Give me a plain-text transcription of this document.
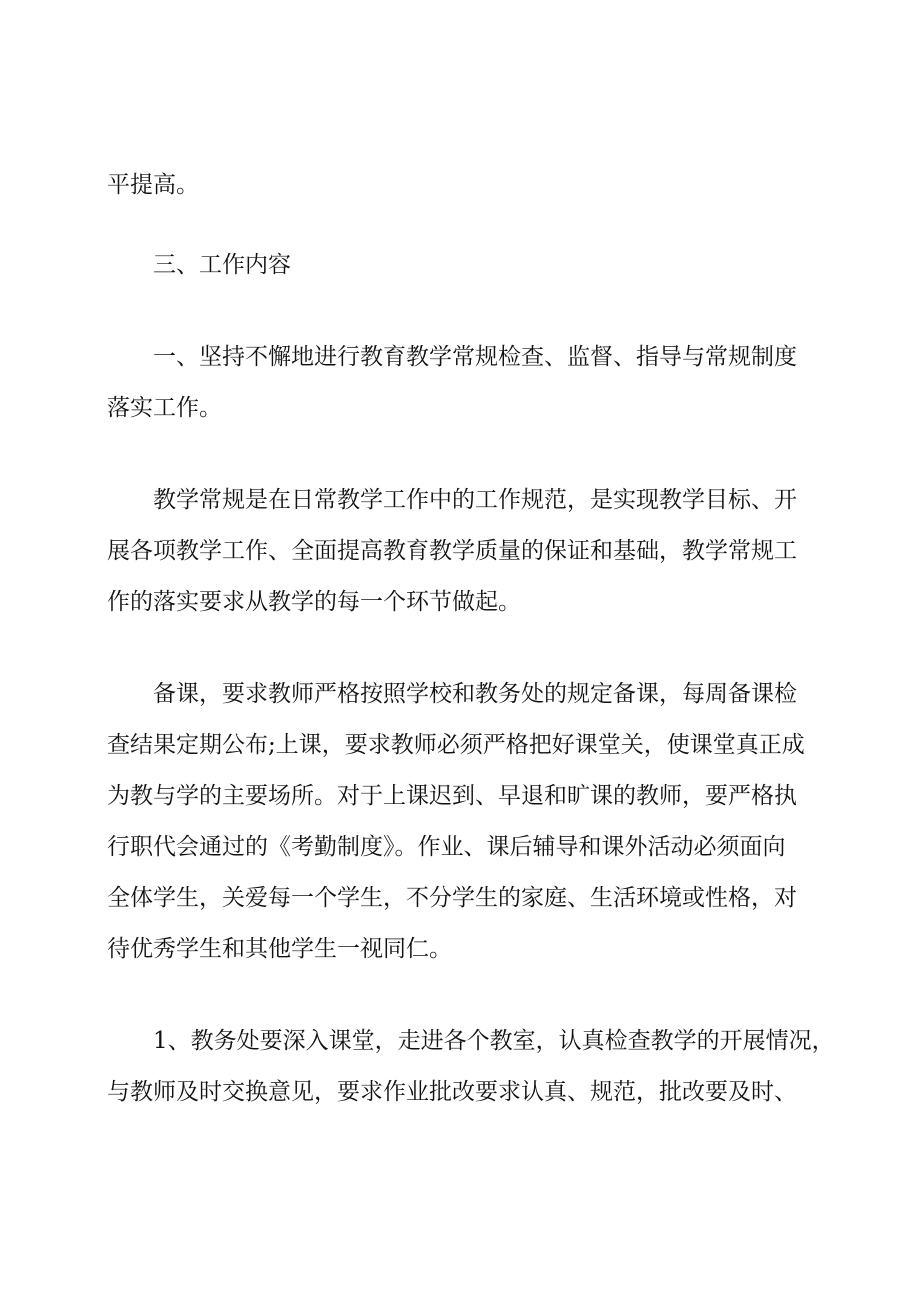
平提高。

三、工作内容

一、坚持不懈地进行教育教学常规检查、监督、指导与常规制度

落实工作。

教学常规是在日常教学工作中的工作规范，是实现教学目标、开

展各项教学工作、全面提高教育教学质量的保证和基础，教学常规工

作的落实要求从教学的每一个环节做起。

备课，要求教师严格按照学校和教务处的规定备课，每周备课检

查结果定期公布;上课，要求教师必须严格把好课堂关，使课堂真正成

为教与学的主要场所。对于上课迟到、早退和旷课的教师，要严格执

行职代会通过的《考勤制度》。作业、课后辅导和课外活动必须面向

全体学生，关爱每一个学生，不分学生的家庭、生活环境或性格，对

待优秀学生和其他学生一视同仁。

1、教务处要深入课堂，走进各个教室，认真检查教学的开展情况，

与教师及时交换意见，要求作业批改要求认真、规范，批改要及时、
